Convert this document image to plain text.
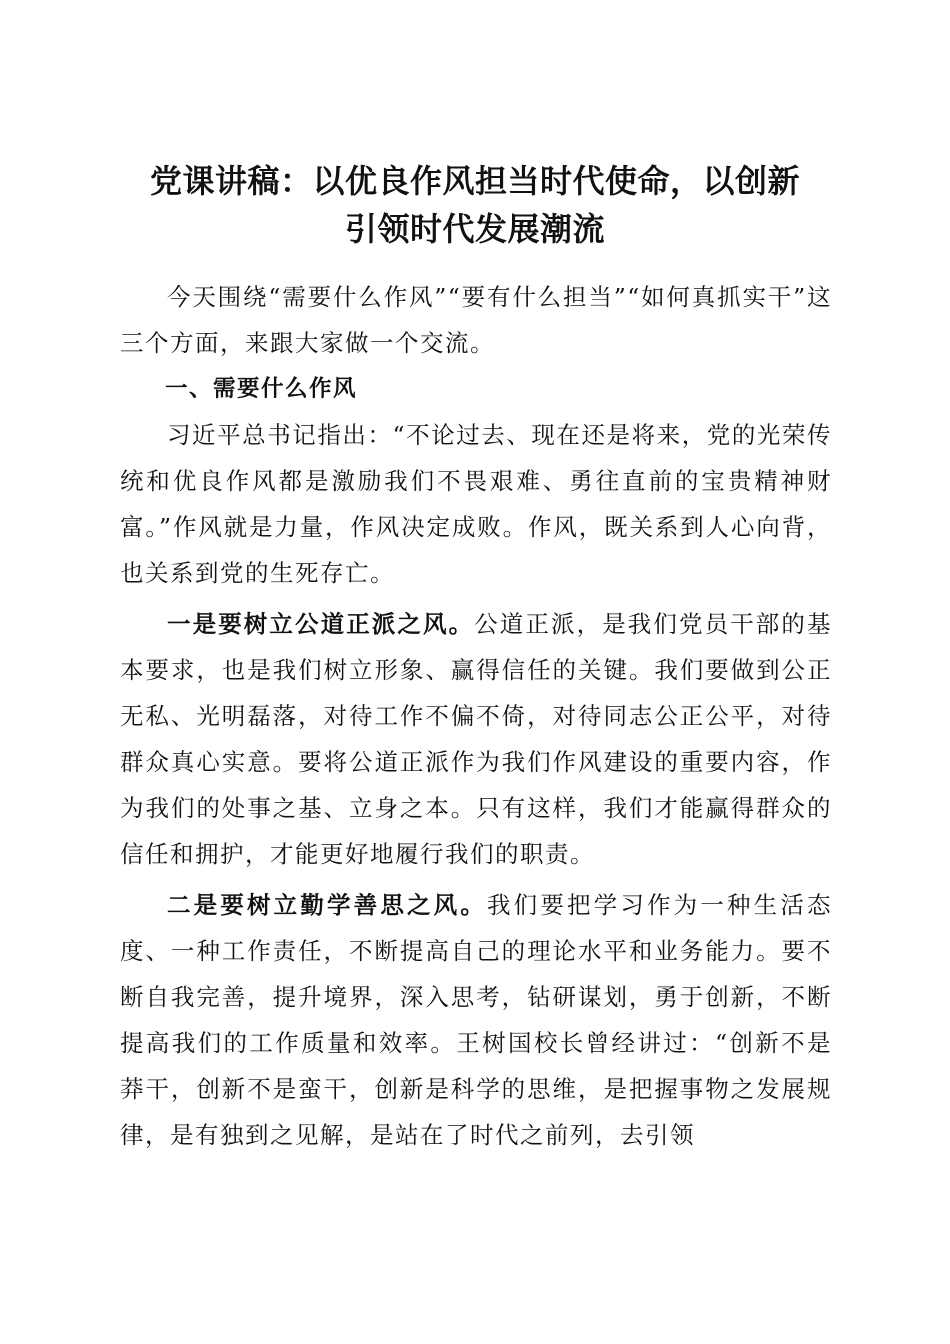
党课讲稿：以优良作风担当时代使命，以创新
引领时代发展潮流

今天围绕“需要什么作风”“要有什么担当”“如何真抓实干”这三个方面，来跟大家做一个交流。

一、需要什么作风

习近平总书记指出：“不论过去、现在还是将来，党的光荣传统和优良作风都是激励我们不畏艰难、勇往直前的宝贵精神财富。”作风就是力量，作风决定成败。作风，既关系到人心向背，也关系到党的生死存亡。

一是要树立公道正派之风。公道正派，是我们党员干部的基本要求，也是我们树立形象、赢得信任的关键。我们要做到公正无私、光明磊落，对待工作不偏不倚，对待同志公正公平，对待群众真心实意。要将公道正派作为我们作风建设的重要内容，作为我们的处事之基、立身之本。只有这样，我们才能赢得群众的信任和拥护，才能更好地履行我们的职责。

二是要树立勤学善思之风。我们要把学习作为一种生活态度、一种工作责任，不断提高自己的理论水平和业务能力。要不断自我完善，提升境界，深入思考，钻研谋划，勇于创新，不断提高我们的工作质量和效率。王树国校长曾经讲过：“创新不是莽干，创新不是蛮干，创新是科学的思维，是把握事物之发展规律，是有独到之见解，是站在了时代之前列，去引领
